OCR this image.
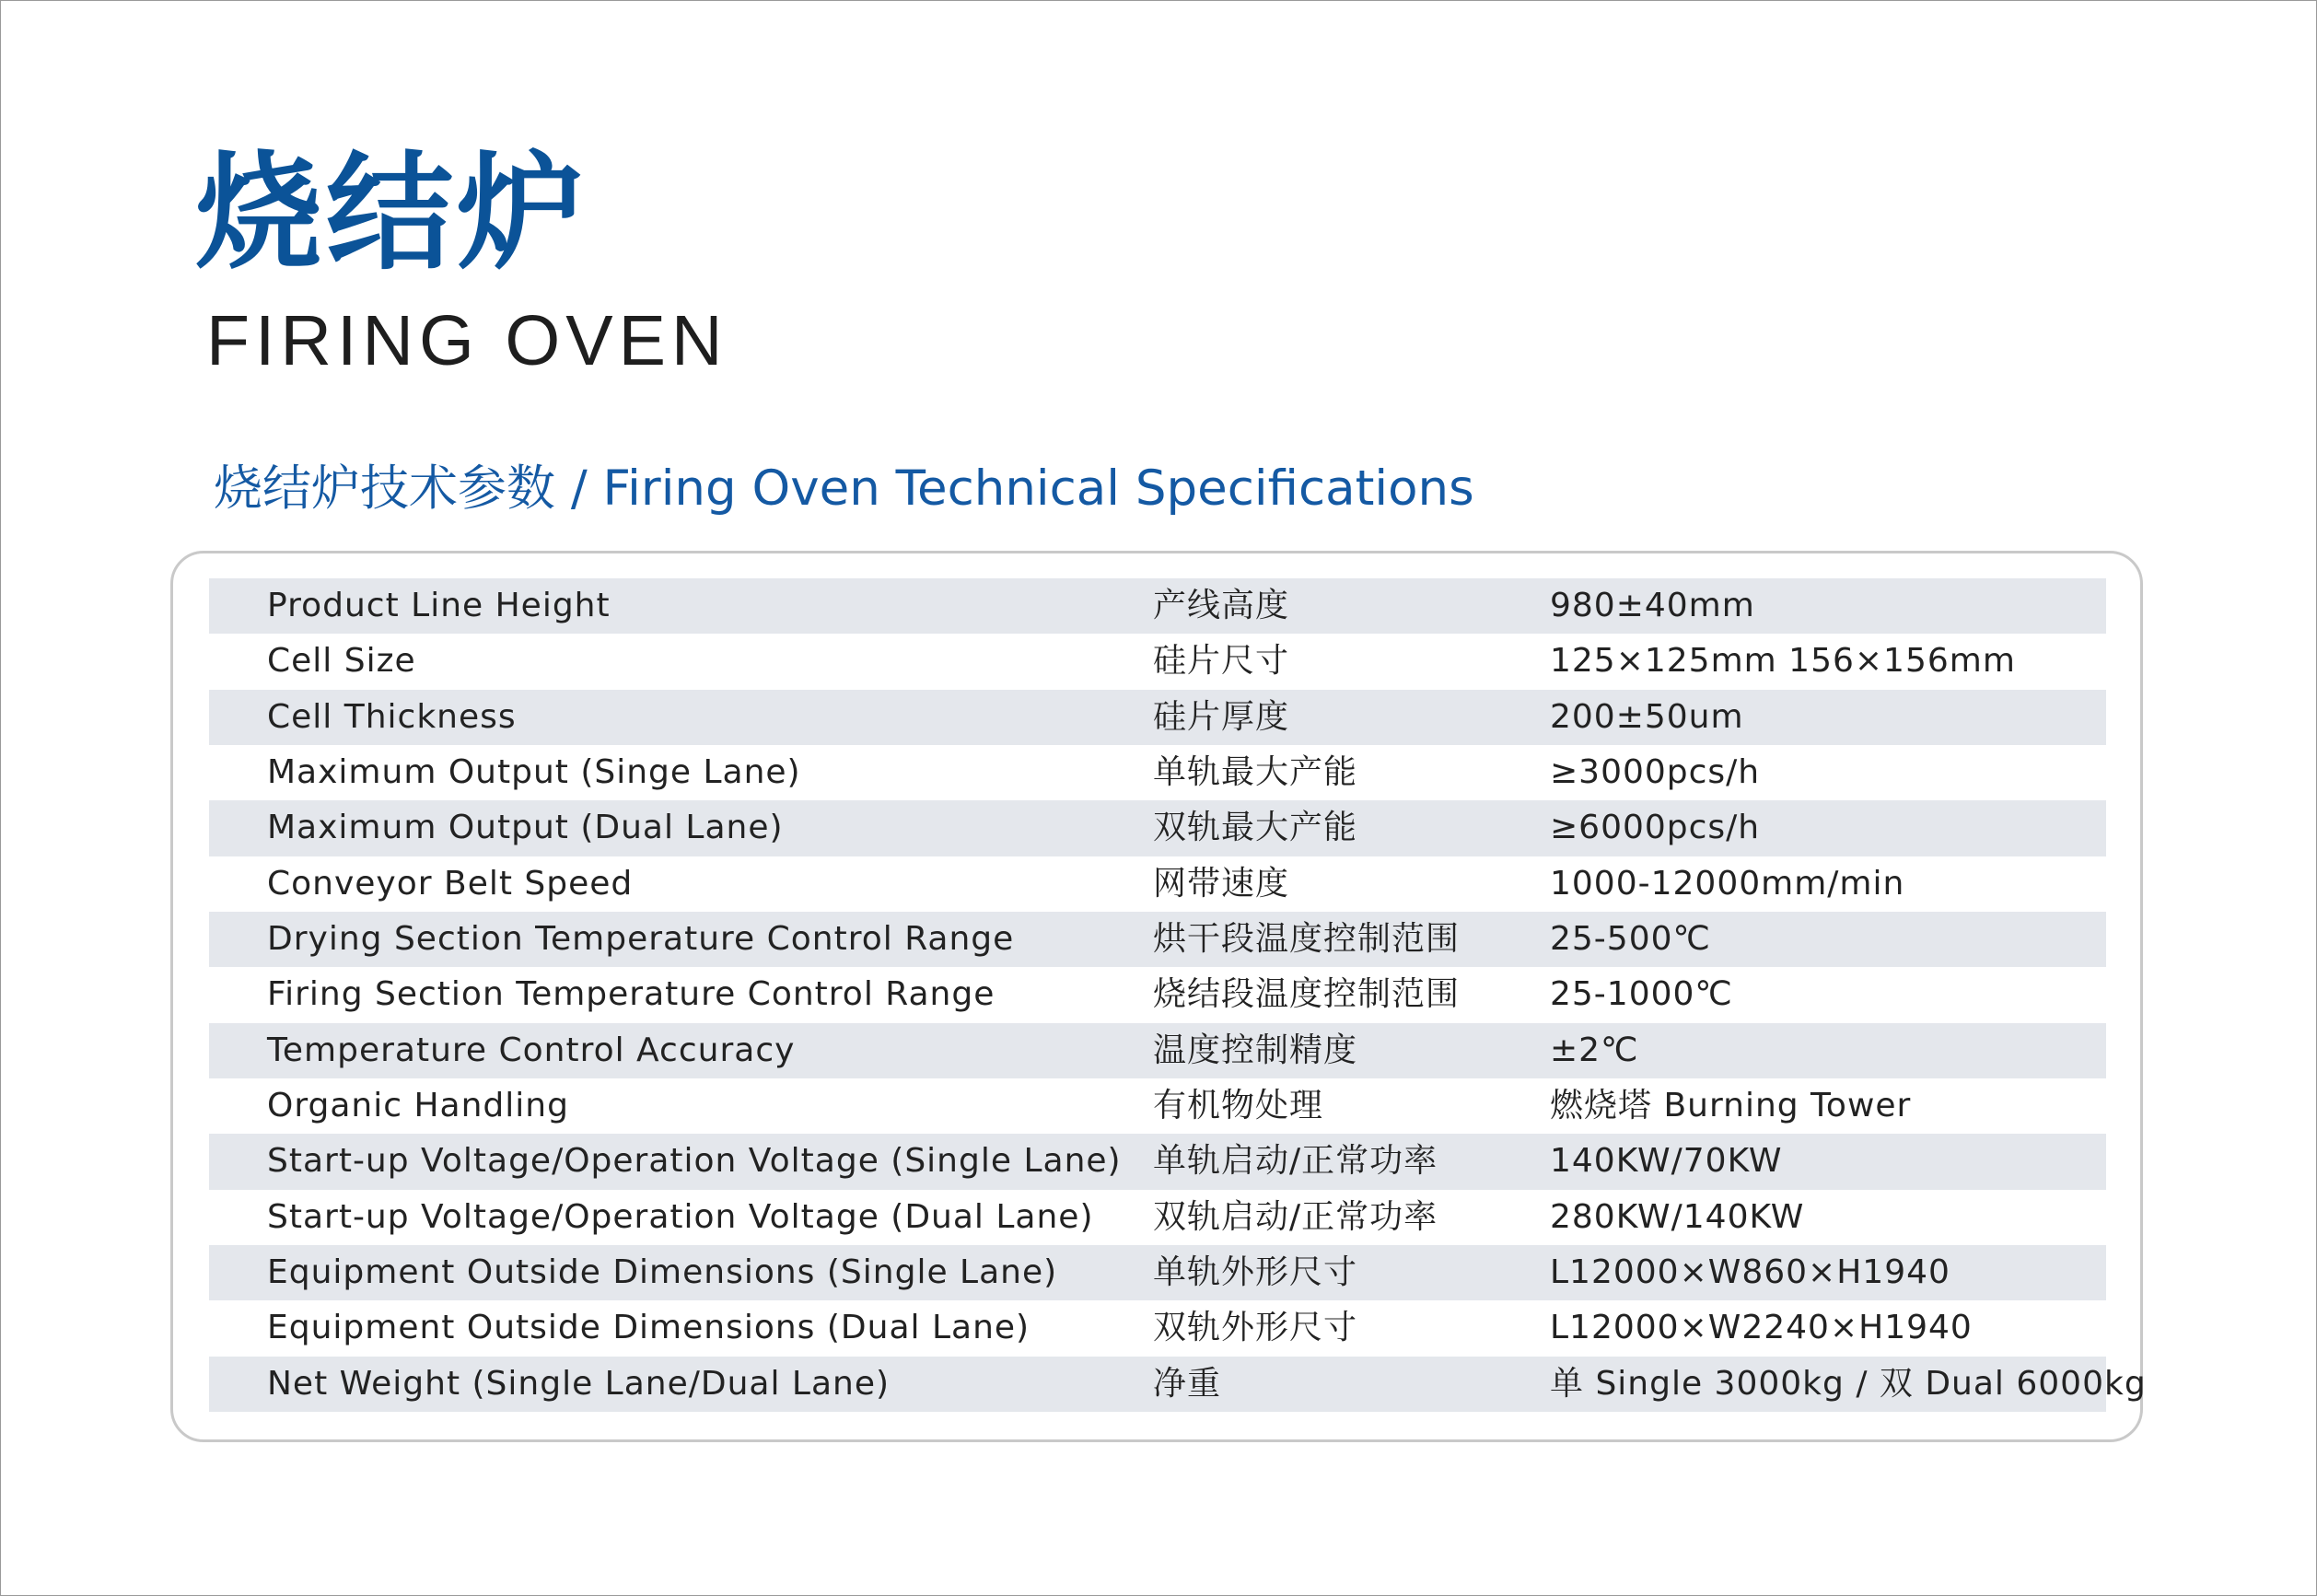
烧结炉
FIRING OVEN
烧结炉技术参数 / Firing Oven Technical Specifications
Product Line Height	产线高度	980±40mm
Cell Size	硅片尺寸	125×125mm 156×156mm
Cell Thickness	硅片厚度	200±50um
Maximum Output (Singe Lane)	单轨最大产能	≥3000pcs/h
Maximum Output (Dual Lane)	双轨最大产能	≥6000pcs/h
Conveyor Belt Speed	网带速度	1000-12000mm/min
Drying Section Temperature Control Range	烘干段温度控制范围	25-500℃
Firing Section Temperature Control Range	烧结段温度控制范围	25-1000℃
Temperature Control Accuracy	温度控制精度	±2℃
Organic Handling	有机物处理	燃烧塔 Burning Tower
Start-up Voltage/Operation Voltage (Single Lane) 单轨启动/正常功率	140KW/70KW
Start-up Voltage/Operation Voltage (Dual Lane) 双轨启动/正常功率	280KW/140KW
Equipment Outside Dimensions (Single Lane)	单轨外形尺寸	L12000×W860×H1940
Equipment Outside Dimensions (Dual Lane)	双轨外形尺寸	L12000×W2240×H1940
Net Weight (Single Lane/Dual Lane)	净重	单 Single 3000kg / 双 Dual 6000kg
